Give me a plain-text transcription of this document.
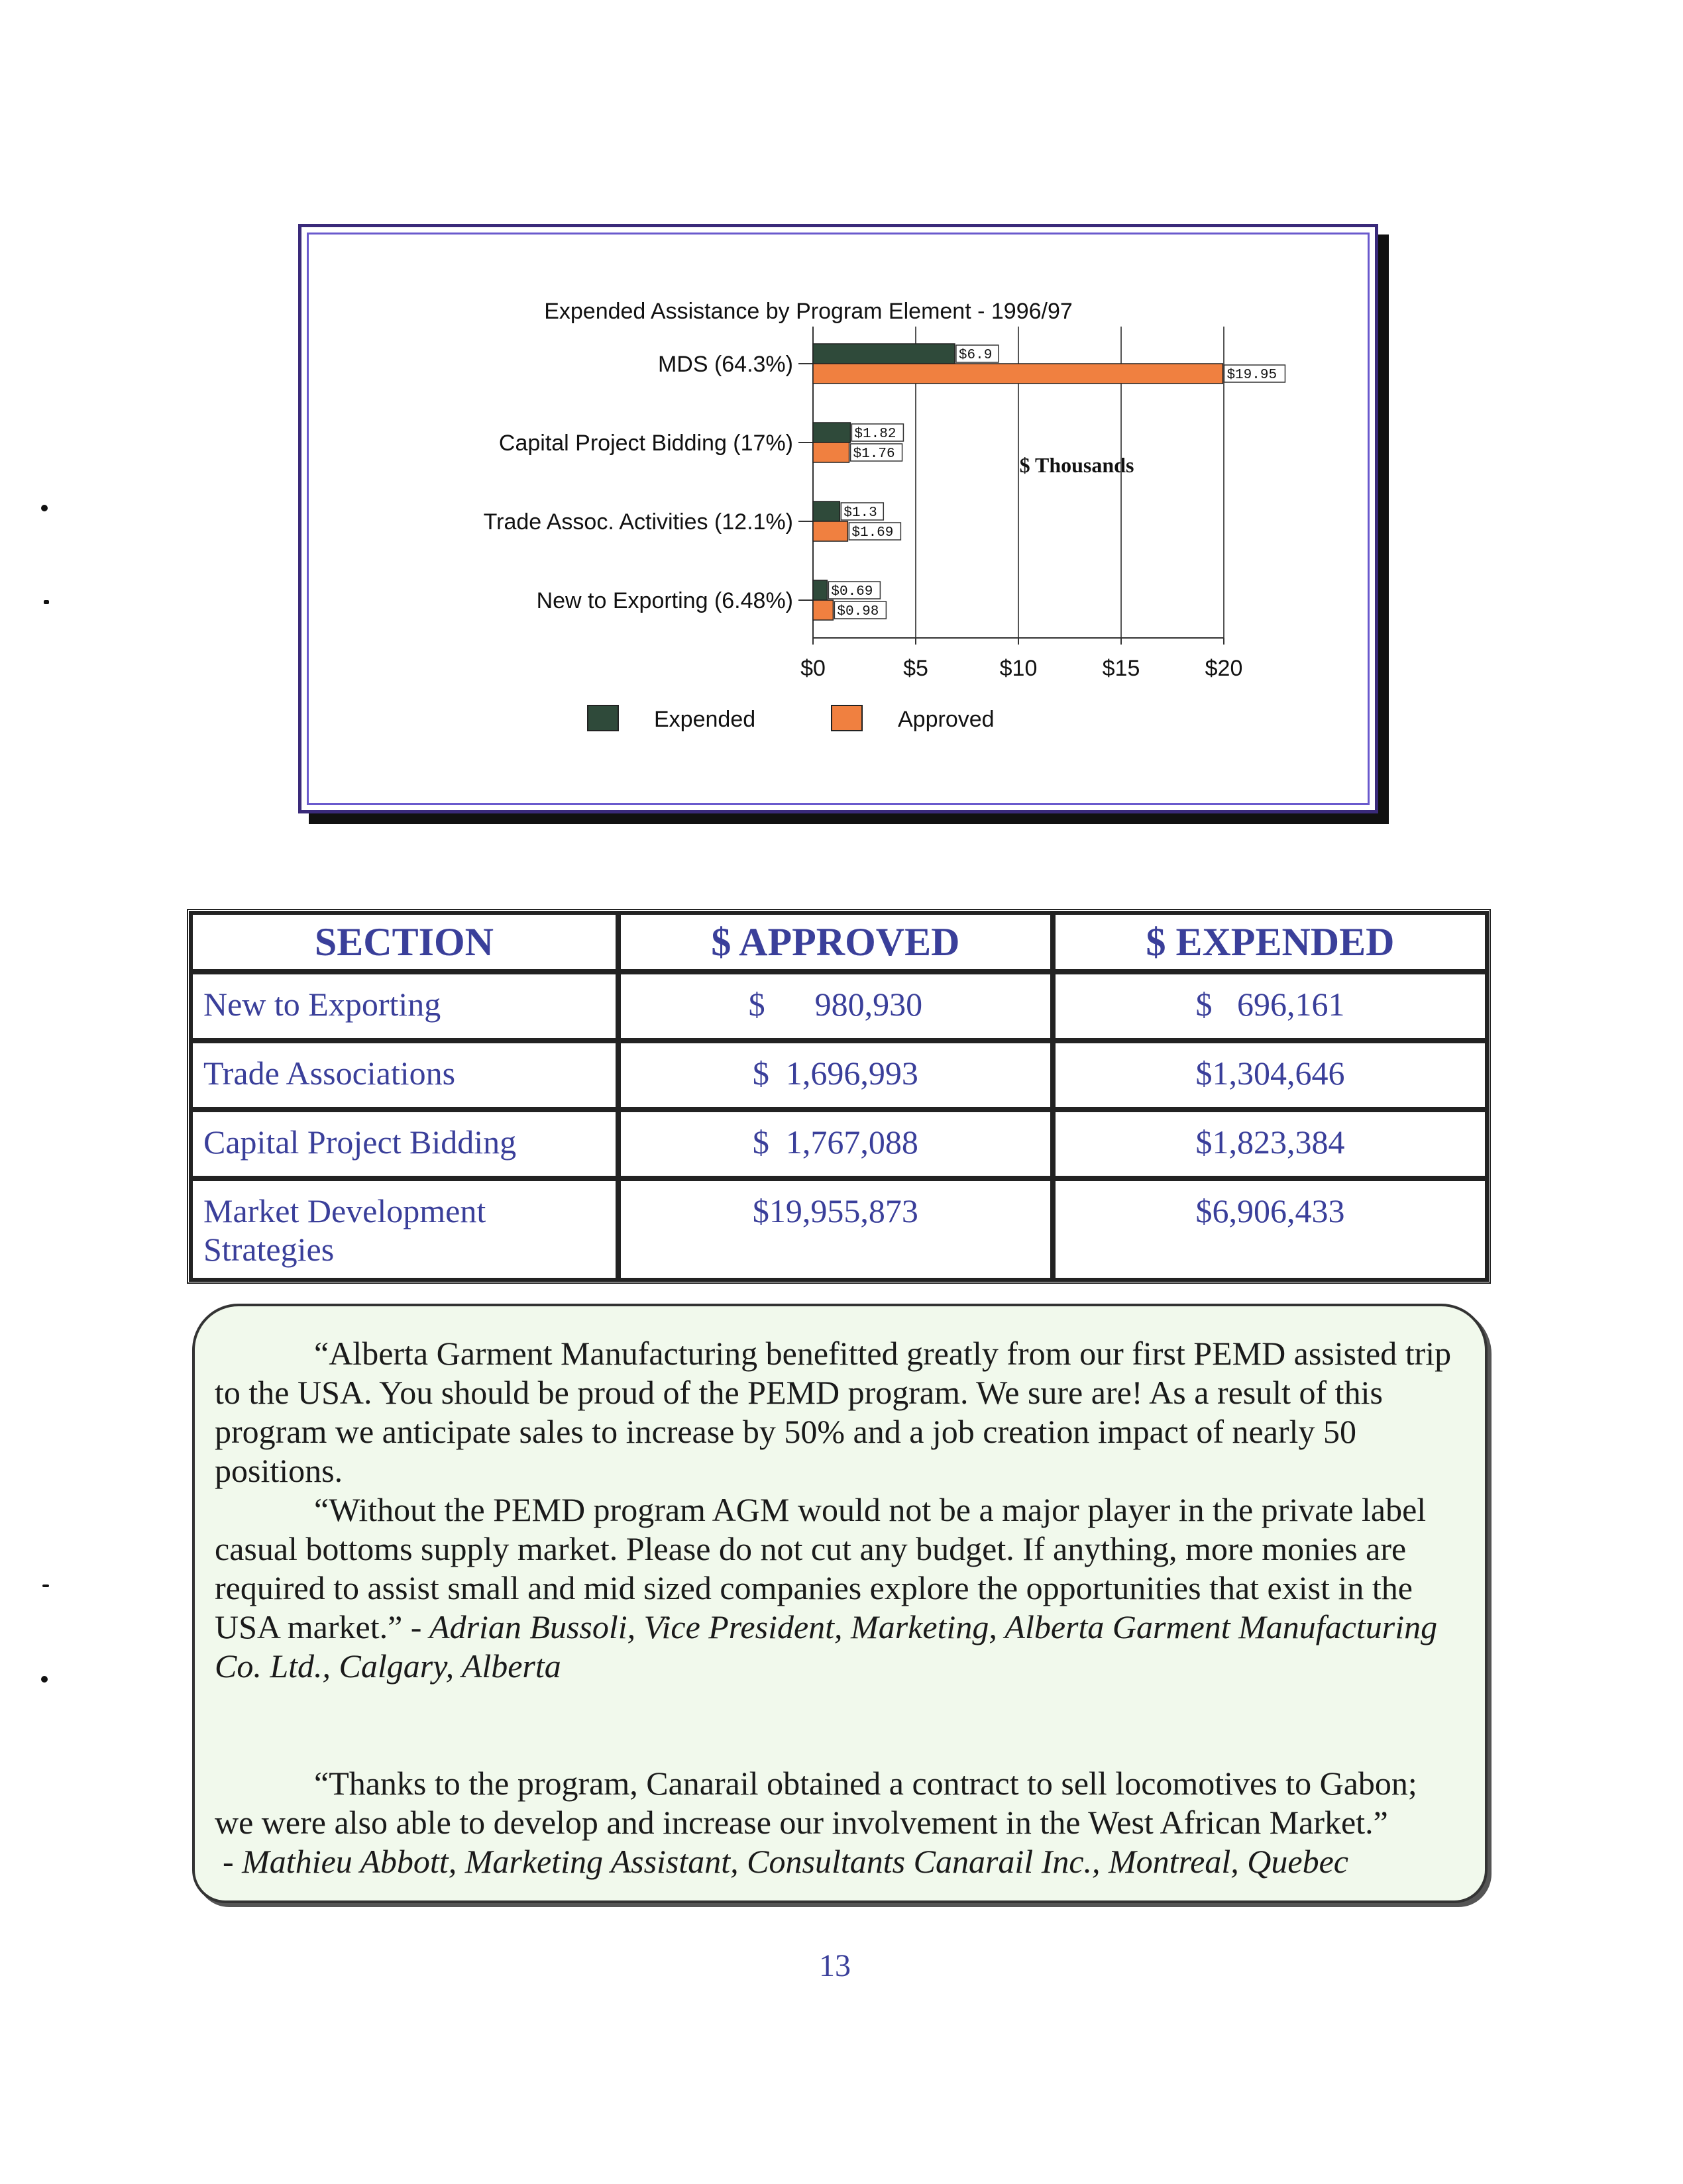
Expended Assistance by Program Element - 1996/97
$ Thousands
$0	$5	$10	$15	$20
MDS (64.3%)	$6.9
$19.95
Capital Project Bidding (17%)	$1.82
$1.76
Trade Assoc. Activities (12.1%)	$1.3
$1.69
New to Exporting (6.48%)	$0.69
$0.98
Expended	Approved
SECTION	$ APPROVED	$ EXPENDED
New to Exporting	$      980,930	$   696,161
Trade Associations	$  1,696,993	$1,304,646
Capital Project Bidding	$  1,767,088	$1,823,384
Market Development Strategies	$19,955,873	$6,906,433

“Alberta Garment Manufacturing benefitted greatly from our first PEMD assisted trip to the USA. You should be proud of the PEMD program. We sure are! As a result of this program we anticipate sales to increase by 50% and a job creation impact of nearly 50 positions.

“Without the PEMD program AGM would not be a major player in the private label casual bottoms supply market. Please do not cut any budget. If anything, more monies are required to assist small and mid sized companies explore the opportunities that exist in the USA market.” - Adrian Bussoli, Vice President, Marketing, Alberta Garment Manufacturing Co. Ltd., Calgary, Alberta

“Thanks to the program, Canarail obtained a contract to sell locomotives to Gabon; we were also able to develop and increase our involvement in the West African Market.”

- Mathieu Abbott, Marketing Assistant, Consultants Canarail Inc., Montreal, Quebec
13
